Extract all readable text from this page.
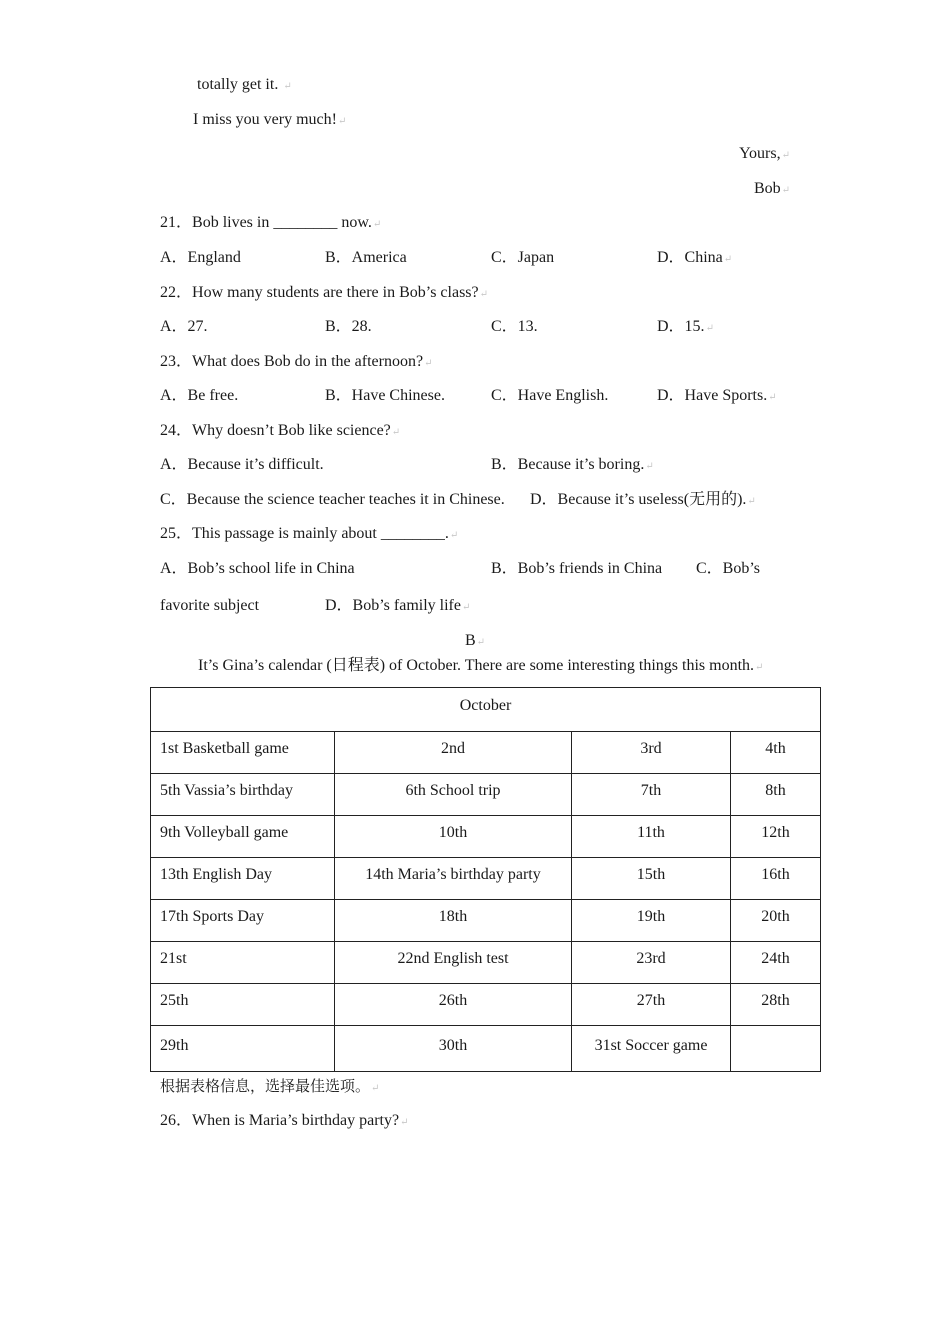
totally get it. ↵
I miss you very much!↵
Yours,↵
Bob↵
21．Bob lives in ________ now.↵
A．England	B．America	C．Japan	D．China↵
22．How many students are there in Bob’s class?↵
A．27.	B．28.	C．13.	D．15.↵
23．What does Bob do in the afternoon?↵
A．Be free.	B．Have Chinese.	C．Have English.	D．Have Sports.↵
24．Why doesn’t Bob like science?↵
A．Because it’s difficult.	B．Because it’s boring.↵
C．Because the science teacher teaches it in Chinese. D．Because it’s useless(无用的).↵
25．This passage is mainly about ________.↵
A．Bob’s school life in China	B．Bob’s friends in China C．Bob’s
favorite subject	D．Bob’s family life↵
B↵
It’s Gina’s calendar (日程表) of October. There are some interesting things this month.↵
October			
1st Basketball game	2nd	3rd	4th
5th Vassia’s birthday	6th School trip	7th	8th
9th Volleyball game	10th	11th	12th
13th English Day	14th Maria’s birthday party	15th	16th
17th Sports Day	18th	19th	20th
21st	22nd English test	23rd	24th
25th	26th	27th	28th
29th	30th	31st Soccer game	
根据表格信息，选择最佳选项。↵
26．When is Maria’s birthday party?↵
